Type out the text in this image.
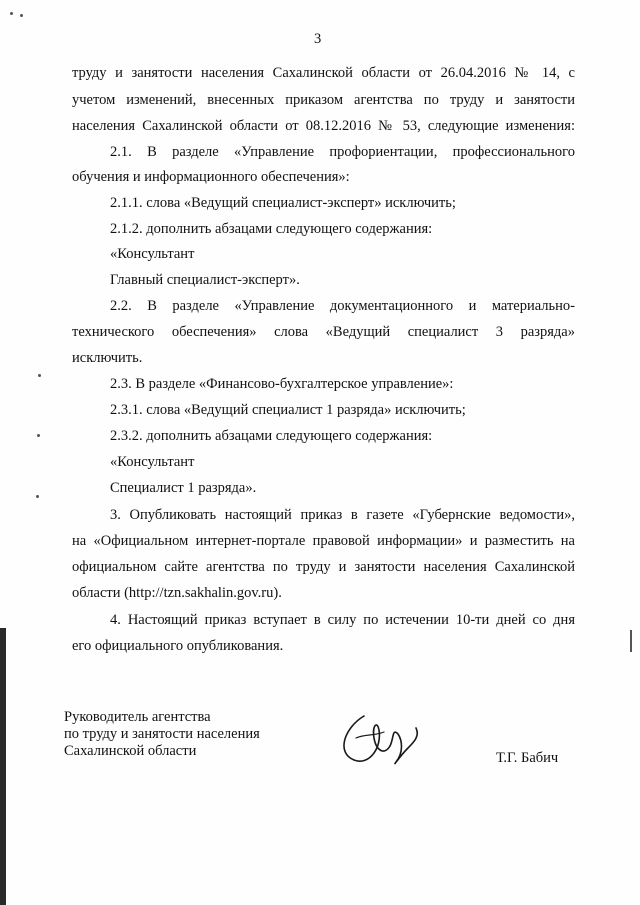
3
труду и занятости населения Сахалинской области от 26.04.2016 № 14, с
учетом изменений, внесенных приказом агентства по труду и занятости
населения Сахалинской области от 08.12.2016 № 53, следующие изменения:
2.1. В разделе «Управление профориентации, профессионального
обучения и информационного обеспечения»:
2.1.1. слова «Ведущий специалист-эксперт» исключить;
2.1.2. дополнить абзацами следующего содержания:
«Консультант
Главный специалист-эксперт».
2.2. В разделе «Управление документационного и материально-
технического обеспечения» слова «Ведущий специалист 3 разряда»
исключить.
2.3. В разделе «Финансово-бухгалтерское управление»:
2.3.1. слова «Ведущий специалист 1 разряда» исключить;
2.3.2. дополнить абзацами следующего содержания:
«Консультант
Специалист 1 разряда».
3. Опубликовать настоящий приказ в газете «Губернские ведомости»,
на «Официальном интернет-портале правовой информации» и разместить на
официальном сайте агентства по труду и занятости населения Сахалинской
области (http://tzn.sakhalin.gov.ru).
4. Настоящий приказ вступает в силу по истечении 10-ти дней со дня
его официального опубликования.
Руководитель агентства
по труду и занятости населения
Сахалинской области	Т.Г. Бабич
